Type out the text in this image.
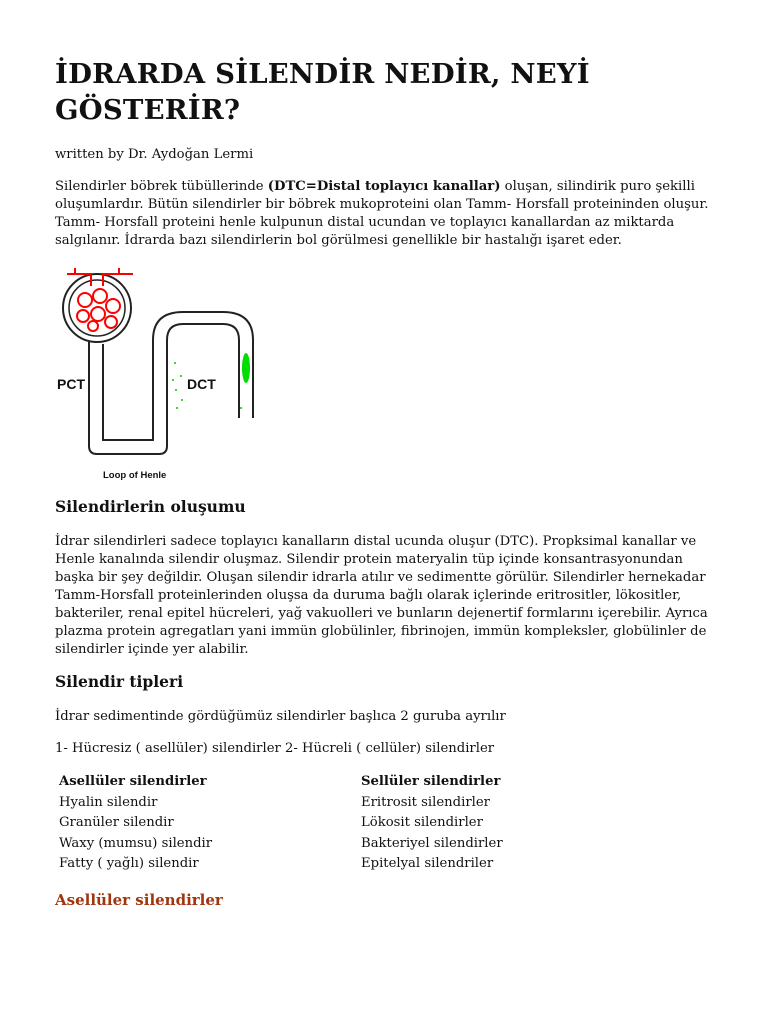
İDRARDA SİLENDİR NEDİR, NEYİ GÖSTERİR?

written by Dr. Aydoğan Lermi

Silendirler böbrek tübüllerinde (DTC=Distal toplayıcı kanallar) oluşan, silindirik puro şekilli oluşumlardır. Bütün silendirler bir böbrek mukoproteini olan Tamm- Horsfall proteininden oluşur. Tamm- Horsfall proteini henle kulpunun distal ucundan ve toplayıcı kanallardan az miktarda salgılanır. İdrarda bazı silendirlerin bol görülmesi genellikle bir hastalığı işaret eder.

PCT	DCT
Loop of Henle
Silendirlerin oluşumu

İdrar silendirleri sadece toplayıcı kanalların distal ucunda oluşur (DTC). Propksimal kanallar ve Henle kanalında silendir oluşmaz. Silendir protein materyalin tüp içinde konsantrasyonundan başka bir şey değildir. Oluşan silendir idrarla atılır ve sedimentte görülür. Silendirler hernekadar Tamm-Horsfall proteinlerinden oluşsa da duruma bağlı olarak içlerinde eritrositler, lökositler, bakteriler, renal epitel hücreleri, yağ vakuolleri ve bunların dejenertif formlarını içerebilir. Ayrıca plazma protein agregatları yani immün globülinler, fibrinojen, immün kompleksler, globülinler de silendirler içinde yer alabilir.

Silendir tipleri

İdrar sedimentinde gördüğümüz silendirler başlıca 2 guruba ayrılır

1- Hücresiz ( asellüler) silendirler 2- Hücreli ( cellüler) silendirler

Asellüler silendirler	Sellüler silendirler
Hyalin silendir	Eritrosit silendirler
Granüler silendir	Lökosit silendirler
Waxy (mumsu) silendir	Bakteriyel silendirler
Fatty ( yağlı) silendir	Epitelyal silendriler
Asellüler silendirler
